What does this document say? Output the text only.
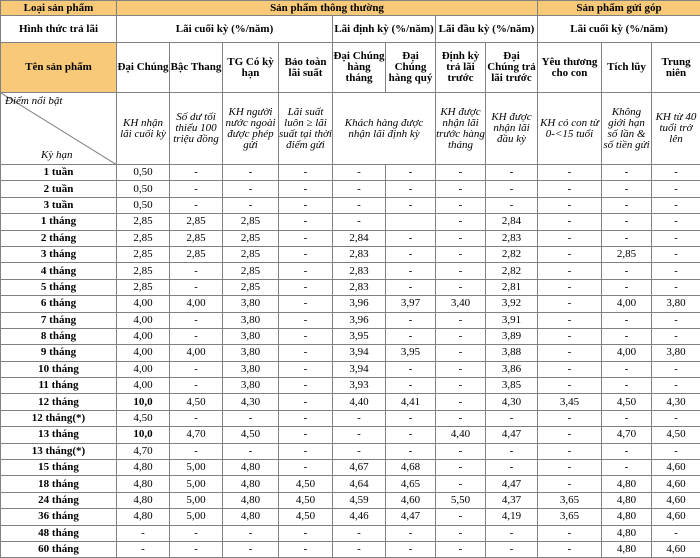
Loại sản phẩm	Sản phẩm thông thường								Sản phẩm gửi góp		
Hình thức trả lãi	Lãi cuối kỳ (%/năm)				Lãi định kỳ (%/năm)		Lãi đầu kỳ (%/năm)		Lãi cuối kỳ (%/năm)		
Tên sản phẩm	Đại Chúng	Bậc Thang	TG Có kỳ hạn	Bảo toàn lãi suất	Đại Chúng hàng tháng	Đại Chúng hàng quý	Định kỳ trả lãi trước	Đại Chúng trả lãi trước	Yêu thương cho con	Tích lũy	Trung niên

Điểm nổi bật
Kỳ hạn	KH nhận lãi cuối kỳ	Số dư tối thiểu 100 triệu đồng	KH người nước ngoài được phép gửi	Lãi suất luôn ≥ lãi suất tại thời điểm gửi	Khách hàng được nhận lãi định kỳ		KH được nhận lãi trước hàng tháng	KH được nhận lãi đầu kỳ	KH có con từ 0-<15 tuổi	Không giới hạn số lần & số tiền gửi	KH từ 40 tuổi trở lên
1 tuần	0,50	-	-	-	-	-	-	-	-	-	-
2 tuần	0,50	-	-	-	-	-	-	-	-	-	-
3 tuần	0,50	-	-	-	-	-	-	-	-	-	-
1 tháng	2,85	2,85	2,85	-	-		-	2,84	-	-	-
2 tháng	2,85	2,85	2,85	-	2,84	-	-	2,83	-	-	-
3 tháng	2,85	2,85	2,85	-	2,83	-	-	2,82	-	2,85	-
4 tháng	2,85	-	2,85	-	2,83	-	-	2,82	-	-	-
5 tháng	2,85	-	2,85	-	2,83	-	-	2,81	-	-	-
6 tháng	4,00	4,00	3,80	-	3,96	3,97	3,40	3,92	-	4,00	3,80
7 tháng	4,00	-	3,80	-	3,96	-	-	3,91	-	-	-
8 tháng	4,00	-	3,80	-	3,95	-	-	3,89	-	-	-
9 tháng	4,00	4,00	3,80	-	3,94	3,95	-	3,88	-	4,00	3,80
10 tháng	4,00	-	3,80	-	3,94	-	-	3,86	-	-	-
11 tháng	4,00	-	3,80	-	3,93	-	-	3,85	-	-	-
12 tháng	10,0	4,50	4,30	-	4,40	4,41	-	4,30	3,45	4,50	4,30
12 tháng(*)	4,50	-	-	-	-	-	-	-	-	-	-
13 tháng	10,0	4,70	4,50	-	-	-	4,40	4,47	-	4,70	4,50
13 tháng(*)	4,70	-	-	-	-	-	-	-	-	-	-
15 tháng	4,80	5,00	4,80	-	4,67	4,68	-	-	-	-	4,60
18 tháng	4,80	5,00	4,80	4,50	4,64	4,65	-	4,47	-	4,80	4,60
24 tháng	4,80	5,00	4,80	4,50	4,59	4,60	5,50	4,37	3,65	4,80	4,60
36 tháng	4,80	5,00	4,80	4,50	4,46	4,47	-	4,19	3,65	4,80	4,60
48 tháng	-	-	-	-	-	-	-	-	-	4,80	-
60 tháng	-	-	-	-	-	-	-	-	-	4,80	4,60
